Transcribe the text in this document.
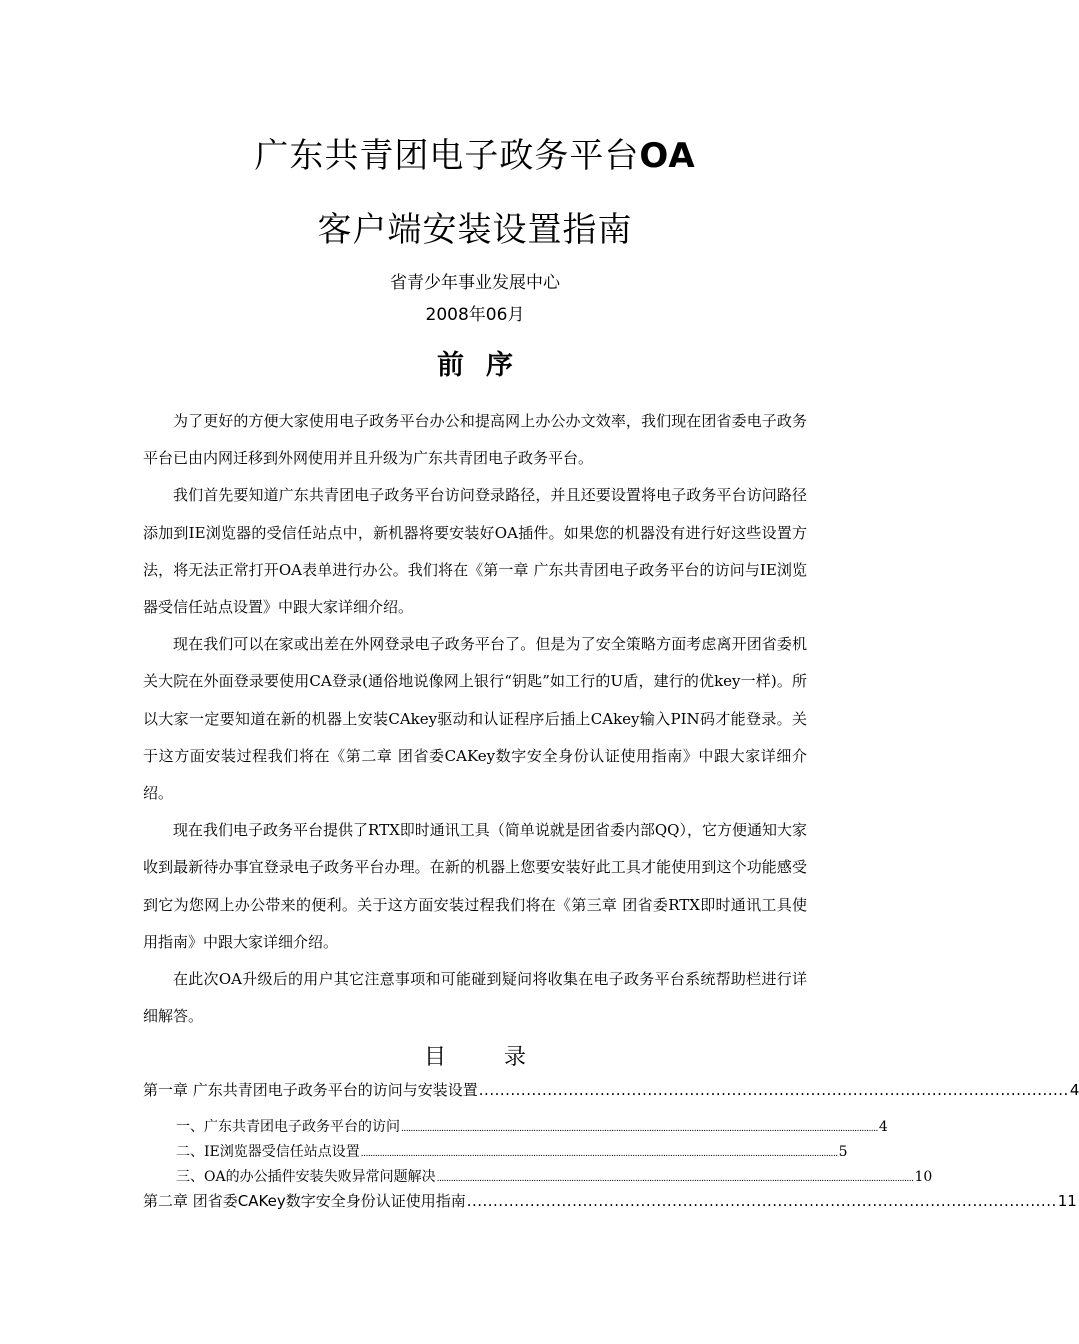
广东共青团电子政务平台OA
客户端安装设置指南
省青少年事业发展中心
2008年06月
前序

为了更好的方便大家使用电子政务平台办公和提高网上办公办文效率，我们现在团省委电子政务平台已由内网迁移到外网使用并且升级为广东共青团电子政务平台。

我们首先要知道广东共青团电子政务平台访问登录路径，并且还要设置将电子政务平台访问路径添加到IE浏览器的受信任站点中，新机器将要安装好OA插件。如果您的机器没有进行好这些设置方法，将无法正常打开OA表单进行办公。我们将在《第一章 广东共青团电子政务平台的访问与IE浏览器受信任站点设置》中跟大家详细介绍。

现在我们可以在家或出差在外网登录电子政务平台了。但是为了安全策略方面考虑离开团省委机关大院在外面登录要使用CA登录(通俗地说像网上银行“钥匙”如工行的U盾，建行的优key一样)。所以大家一定要知道在新的机器上安装CAkey驱动和认证程序后插上CAkey输入PIN码才能登录。关于这方面安装过程我们将在《第二章 团省委CAKey数字安全身份认证使用指南》中跟大家详细介绍。

现在我们电子政务平台提供了RTX即时通讯工具（简单说就是团省委内部QQ），它方便通知大家收到最新待办事宜登录电子政务平台办理。在新的机器上您要安装好此工具才能使用到这个功能感受到它为您网上办公带来的便利。关于这方面安装过程我们将在《第三章 团省委RTX即时通讯工具使用指南》中跟大家详细介绍。

在此次OA升级后的用户其它注意事项和可能碰到疑问将收集在电子政务平台系统帮助栏进行详细解答。

目	录
第一章 广东共青团电子政务平台的访问与安装设置 ................................................................................................................ 4
一、广东共青团电子政务平台的访问 .......................................................................................................................................................................................................... 4
二、IE浏览器受信任站点设置 .......................................................................................................................................................................................................... 5
三、OA的办公插件安装失败异常问题解决 .......................................................................................................................................................................................................... 10
第二章 团省委CAKey数字安全身份认证使用指南 ................................................................................................................ 11
